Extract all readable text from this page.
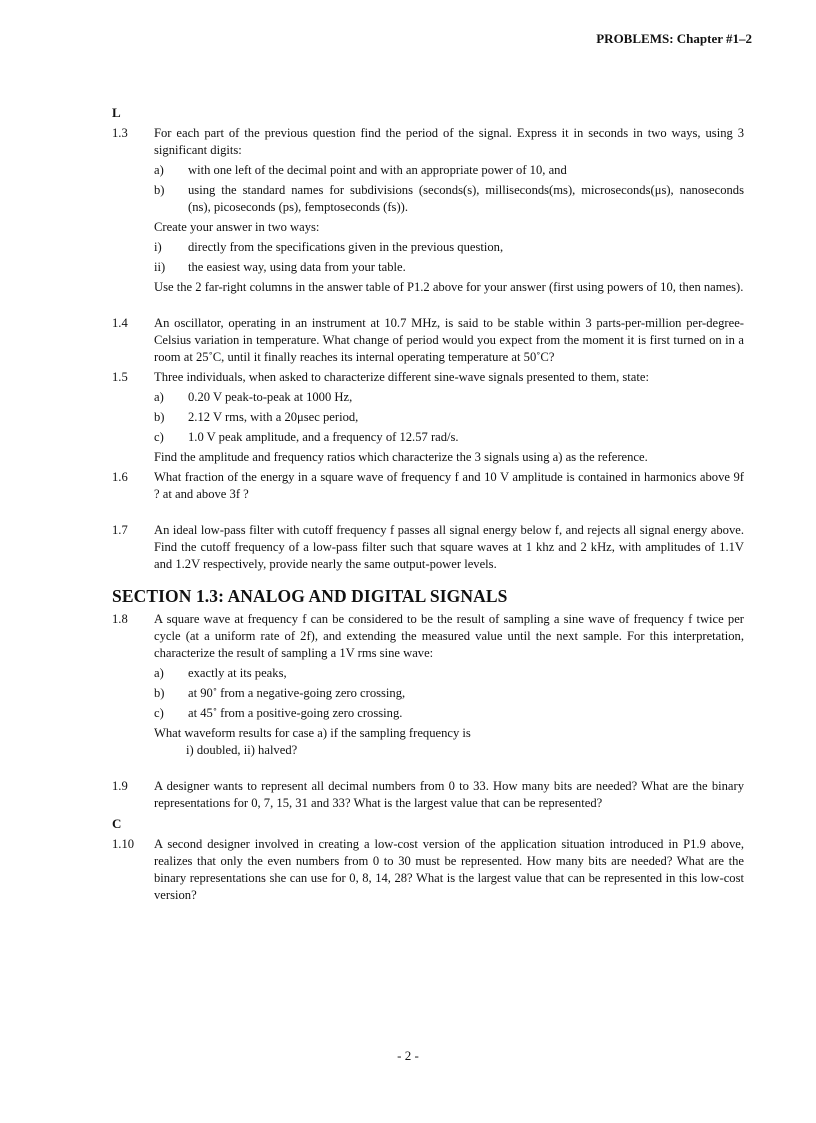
PROBLEMS: Chapter #1–2
L
1.3 For each part of the previous question find the period of the signal. Express it in seconds in two ways, using 3 significant digits:

a) with one left of the decimal point and with an appropriate power of 10, and
b) using the standard names for subdivisions (seconds(s), milliseconds(ms), microseconds(μs), nanoseconds (ns), picoseconds (ps), femptoseconds (fs)).

Create your answer in two ways:

i) directly from the specifications given in the previous question,
ii) the easiest way, using data from your table.

Use the 2 far-right columns in the answer table of P1.2 above for your answer (first using powers of 10, then names).

1.4 An oscillator, operating in an instrument at 10.7 MHz, is said to be stable within 3 parts-per-million per-degree-Celsius variation in temperature. What change of period would you expect from the moment it is first turned on in a room at 25˚C, until it finally reaches its internal operating temperature at 50˚C?

1.5 Three individuals, when asked to characterize different sine-wave signals presented to them, state:

a) 0.20 V peak-to-peak at 1000 Hz,
b) 2.12 V rms, with a 20μsec period,
c) 1.0 V peak amplitude, and a frequency of 12.57 rad/s.

Find the amplitude and frequency ratios which characterize the 3 signals using a) as the reference.

1.6 What fraction of the energy in a square wave of frequency f and 10 V amplitude is contained in harmonics above 9f ? at and above 3f ?

1.7 An ideal low-pass filter with cutoff frequency f passes all signal energy below f, and rejects all signal energy above. Find the cutoff frequency of a low-pass filter such that square waves at 1 khz and 2 kHz, with amplitudes of 1.1V and 1.2V respectively, provide nearly the same output-power levels.

SECTION 1.3: ANALOG AND DIGITAL SIGNALS
1.8 A square wave at frequency f can be considered to be the result of sampling a sine wave of frequency f twice per cycle (at a uniform rate of 2f), and extending the measured value until the next sample. For this interpretation, characterize the result of sampling a 1V rms sine wave:

a) exactly at its peaks,
b) at 90˚ from a negative-going zero crossing,
c) at 45˚ from a positive-going zero crossing.

What waveform results for case a) if the sampling frequency is

i) doubled, ii) halved?
1.9 A designer wants to represent all decimal numbers from 0 to 33. How many bits are needed? What are the binary representations for 0, 7, 15, 31 and 33? What is the largest value that can be represented?

C
1.10 A second designer involved in creating a low-cost version of the application situation introduced in P1.9 above, realizes that only the even numbers from 0 to 30 must be represented. How many bits are needed? What are the binary representations she can use for 0, 8, 14, 28? What is the largest value that can be represented in this low-cost version?

- 2 -
